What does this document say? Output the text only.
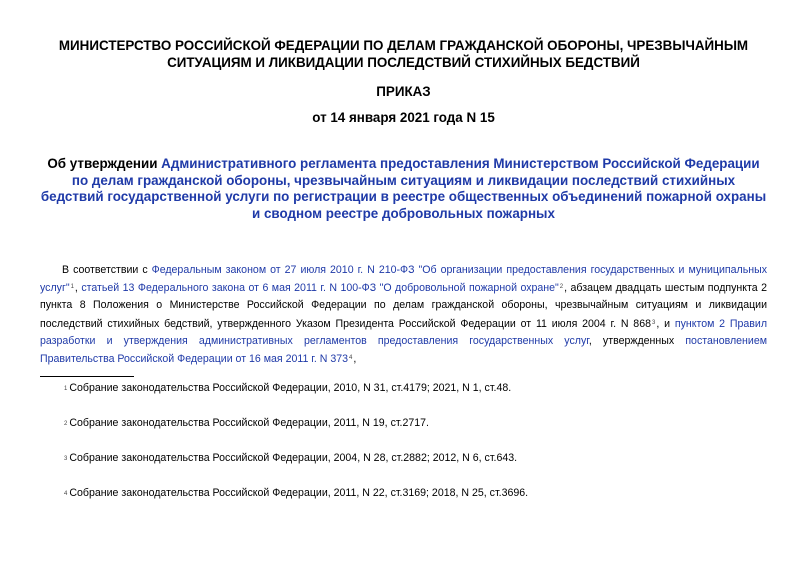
МИНИСТЕРСТВО РОССИЙСКОЙ ФЕДЕРАЦИИ ПО ДЕЛАМ ГРАЖДАНСКОЙ ОБОРОНЫ, ЧРЕЗВЫЧАЙНЫМ
СИТУАЦИЯМ И ЛИКВИДАЦИИ ПОСЛЕДСТВИЙ СТИХИЙНЫХ БЕДСТВИЙ
ПРИКАЗ
от 14 января 2021 года N 15
Об утверждении Административного регламента предоставления Министерством Российской Федерации по делам гражданской обороны, чрезвычайным ситуациям и ликвидации последствий стихийных бедствий государственной услуги по регистрации в реестре общественных объединений пожарной охраны и сводном реестре добровольных пожарных
В соответствии с Федеральным законом от 27 июля 2010 г. N 210-ФЗ "Об организации предоставления государственных и муниципальных услуг"$^1$, статьей 13 Федерального закона от 6 мая 2011 г. N 100-ФЗ "О добровольной пожарной охране"$^2$, абзацем двадцать шестым подпункта 2 пункта 8 Положения о Министерстве Российской Федерации по делам гражданской обороны, чрезвычайным ситуациям и ликвидации последствий стихийных бедствий, утвержденного Указом Президента Российской Федерации от 11 июля 2004 г. N 868$^3$, и пунктом 2 Правил разработки и утверждения административных регламентов предоставления государственных услуг, утвержденных постановлением Правительства Российской Федерации от 16 мая 2011 г. N 373$^4$,
1 Собрание законодательства Российской Федерации, 2010, N 31, ст.4179; 2021, N 1, ст.48.
2 Собрание законодательства Российской Федерации, 2011, N 19, ст.2717.
3 Собрание законодательства Российской Федерации, 2004, N 28, ст.2882; 2012, N 6, ст.643.
4 Собрание законодательства Российской Федерации, 2011, N 22, ст.3169; 2018, N 25, ст.3696.
